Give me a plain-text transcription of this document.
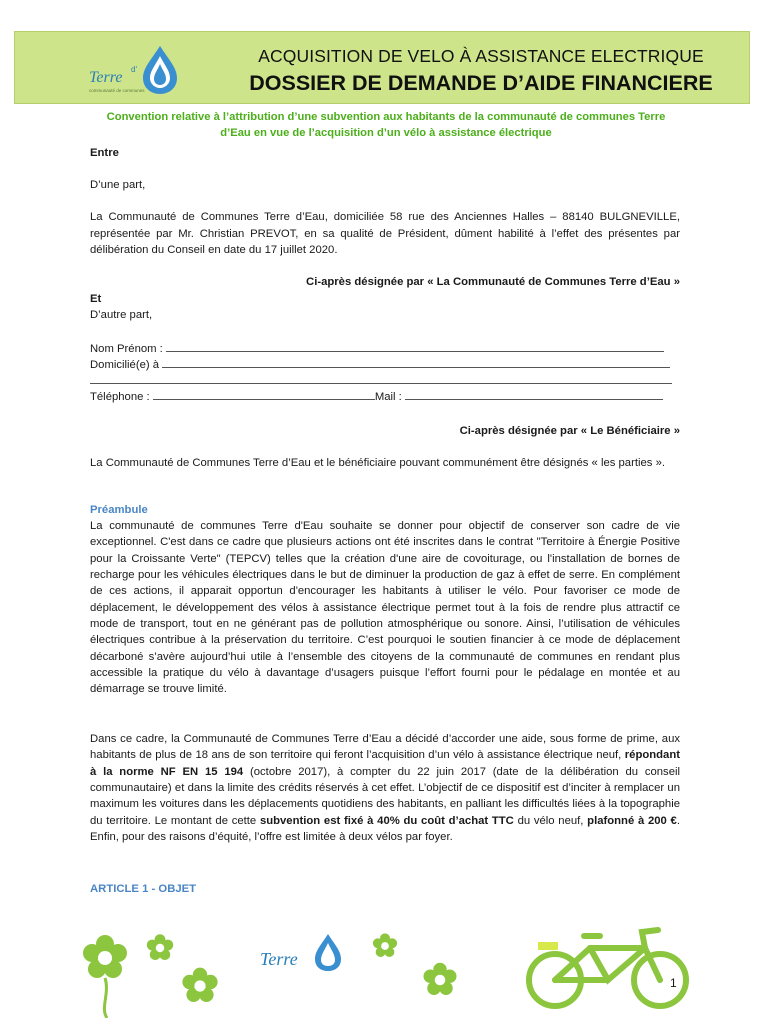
Terre d'
communauté de communes
ACQUISITION DE VELO À ASSISTANCE ELECTRIQUE
DOSSIER DE DEMANDE D’AIDE FINANCIERE
Convention relative à l’attribution d’une subvention aux habitants de la communauté de communes Terre d’Eau en vue de l’acquisition d’un vélo à assistance électrique
Entre
D’une part,
La Communauté de Communes Terre d’Eau, domiciliée 58 rue des Anciennes Halles – 88140 BULGNEVILLE, représentée par Mr. Christian PREVOT, en sa qualité de Président, dûment habilité à l’effet des présentes par délibération du Conseil en date du 17 juillet 2020.
Ci-après désignée par « La Communauté de Communes Terre d’Eau »
Et
D’autre part,
Nom Prénom :
Domicilié(e) à
Téléphone :	Mail :
Ci-après désignée par « Le Bénéficiaire »
La Communauté de Communes Terre d’Eau et le bénéficiaire pouvant communément être désignés « les parties ».
Préambule
La communauté de communes Terre d'Eau souhaite se donner pour objectif de conserver son cadre de vie exceptionnel. C'est dans ce cadre que plusieurs actions ont été inscrites dans le contrat "Territoire à Énergie Positive pour la Croissante Verte" (TEPCV) telles que la création d'une aire de covoiturage, ou l'installation de bornes de recharge pour les véhicules électriques dans le but de diminuer la production de gaz à effet de serre. En complément de ces actions, il apparait opportun d'encourager les habitants à utiliser le vélo. Pour favoriser ce mode de déplacement, le développement des vélos à assistance électrique permet tout à la fois de rendre plus attractif ce mode de transport, tout en ne générant pas de pollution atmosphérique ou sonore. Ainsi, l’utilisation de véhicules électriques contribue à la préservation du territoire. C’est pourquoi le soutien financier à ce mode de déplacement décarboné s’avère aujourd’hui utile à l’ensemble des citoyens de la communauté de communes en rendant plus accessible la pratique du vélo à davantage d’usagers puisque l’effort fourni pour le pédalage en montée et au démarrage se trouve limité.
Dans ce cadre, la Communauté de Communes Terre d’Eau a décidé d’accorder une aide, sous forme de prime, aux habitants de plus de 18 ans de son territoire qui feront l’acquisition d’un vélo à assistance électrique neuf, répondant à la norme NF EN 15 194 (octobre 2017), à compter du 22 juin 2017 (date de la délibération du conseil communautaire) et dans la limite des crédits réservés à cet effet. L’objectif de ce dispositif est d’inciter à remplacer un maximum les voitures dans les déplacements quotidiens des habitants, en palliant les difficultés liées à la topographie du territoire. Le montant de cette subvention est fixé à 40% du coût d’achat TTC du vélo neuf, plafonné à 200 €. Enfin, pour des raisons d’équité, l’offre est limitée à deux vélos par foyer.
ARTICLE 1 - OBJET
Terre
1
